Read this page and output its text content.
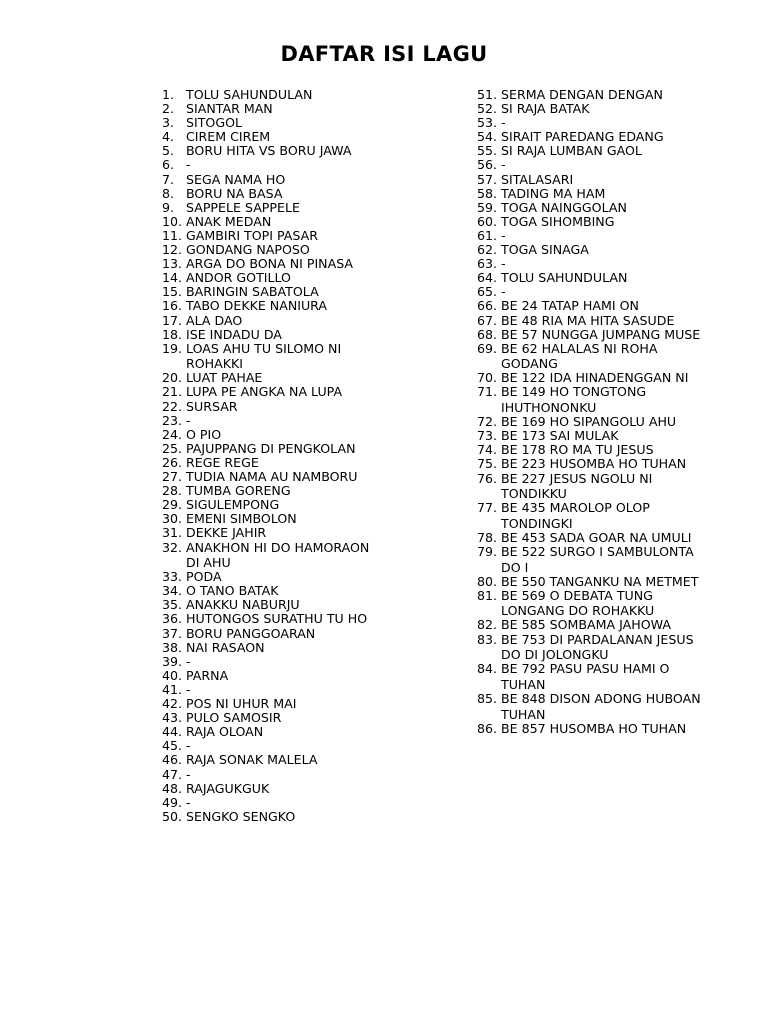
DAFTAR ISI LAGU
1. TOLU SAHUNDULAN
2. SIANTAR MAN
3. SITOGOL
4. CIREM CIREM
5. BORU HITA VS BORU JAWA
6. -
7. SEGA NAMA HO
8. BORU NA BASA
9. SAPPELE SAPPELE
10. ANAK MEDAN
11. GAMBIRI TOPI PASAR
12. GONDANG NAPOSO
13. ARGA DO BONA NI PINASA
14. ANDOR GOTILLO
15. BARINGIN SABATOLA
16. TABO DEKKE NANIURA
17. ALA DAO
18. ISE INDADU DA
19. LOAS AHU TU SILOMO NI ROHAKKI
20. LUAT PAHAE
21. LUPA PE ANGKA NA LUPA
22. SURSAR
23. -
24. O PIO
25. PAJUPPANG DI PENGKOLAN
26. REGE REGE
27. TUDIA NAMA AU NAMBORU
28. TUMBA GORENG
29. SIGULEMPONG
30. EMENI SIMBOLON
31. DEKKE JAHIR
32. ANAKHON HI DO HAMORAON DI AHU
33. PODA
34. O TANO BATAK
35. ANAKKU NABURJU
36. HUTONGOS SURATHU TU HO
37. BORU PANGGOARAN
38. NAI RASAON
39. -
40. PARNA
41. -
42. POS NI UHUR MAI
43. PULO SAMOSIR
44. RAJA OLOAN
45. -
46. RAJA SONAK MALELA
47. -
48. RAJAGUKGUK
49. -
50. SENGKO SENGKO
51. SERMA DENGAN DENGAN
52. SI RAJA BATAK
53. -
54. SIRAIT PAREDANG EDANG
55. SI RAJA LUMBAN GAOL
56. -
57. SITALASARI
58. TADING MA HAM
59. TOGA NAINGGOLAN
60. TOGA SIHOMBING
61. -
62. TOGA SINAGA
63. -
64. TOLU SAHUNDULAN
65. -
66. BE 24 TATAP HAMI ON
67. BE 48 RIA MA HITA SASUDE
68. BE 57 NUNGGA JUMPANG MUSE
69. BE 62 HALALAS NI ROHA GODANG
70. BE 122 IDA HINADENGGAN NI
71. BE 149 HO TONGTONG IHUTHONONKU
72. BE 169 HO SIPANGOLU AHU
73. BE 173 SAI MULAK
74. BE 178 RO MA TU JESUS
75. BE 223 HUSOMBA HO TUHAN
76. BE 227 JESUS NGOLU NI TONDIKKU
77. BE 435 MAROLOP OLOP TONDINGKI
78. BE 453 SADA GOAR NA UMULI
79. BE 522 SURGO I SAMBULONTA DO I
80. BE 550 TANGANKU NA METMET
81. BE 569 O DEBATA TUNG LONGANG DO ROHAKKU
82. BE 585 SOMBAMA JAHOWA
83. BE 753 DI PARDALANAN JESUS DO DI JOLONGKU
84. BE 792 PASU PASU HAMI O TUHAN
85. BE 848 DISON ADONG HUBOAN TUHAN
86. BE 857 HUSOMBA HO TUHAN
